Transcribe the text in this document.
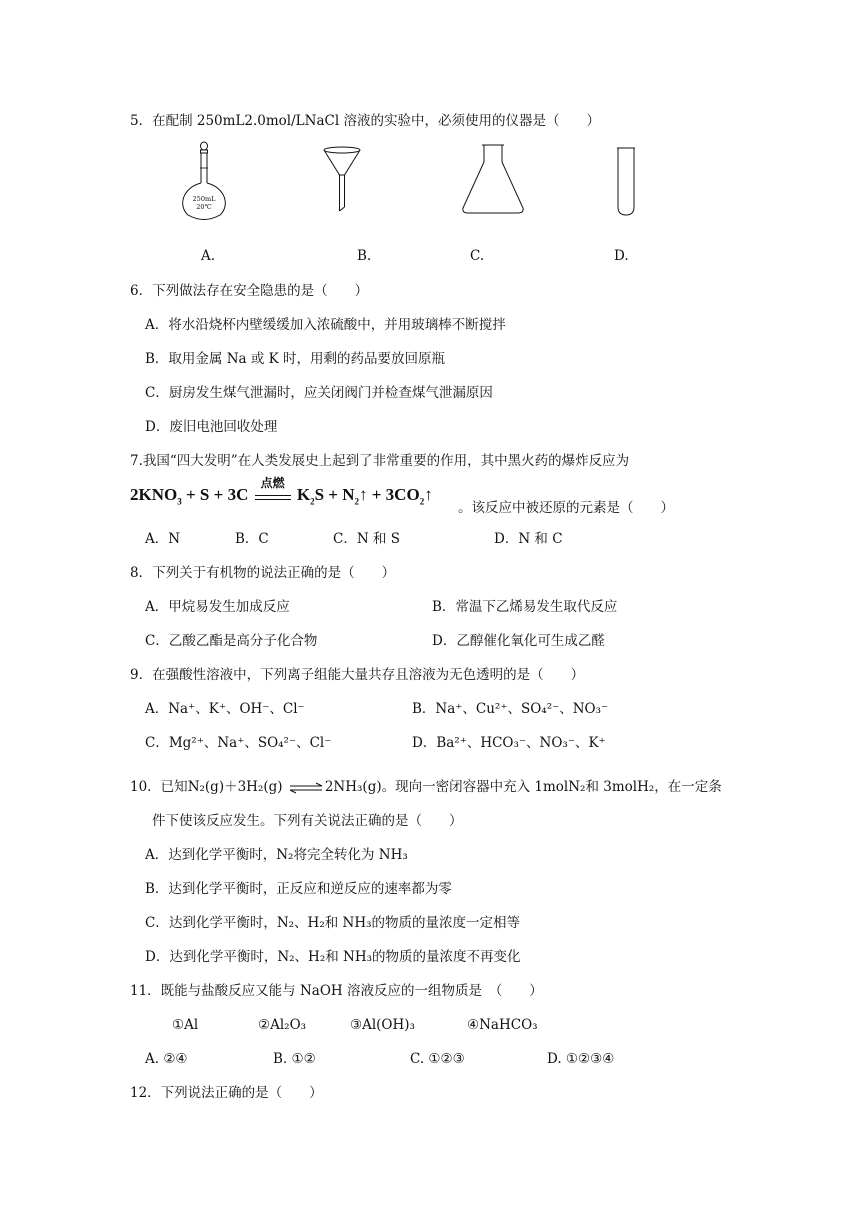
5．在配制 250mL2.0mol/LNaCl 溶液的实验中，必须使用的仪器是（　　）
250mL
20℃
A.	B.	C.	D.
6．下列做法存在安全隐患的是（　　）
A．将水沿烧杯内壁缓缓加入浓硫酸中，并用玻璃棒不断搅拌
B．取用金属 Na 或 K 时，用剩的药品要放回原瓶
C．厨房发生煤气泄漏时，应关闭阀门并检查煤气泄漏原因
D．废旧电池回收处理
7.我国“四大发明”在人类发展史上起到了非常重要的作用，其中黑火药的爆炸反应为
$2KNO_3 + S + 3C$
点燃
$K_2S$ + $N_2↑$ + $3CO_2↑$
。该反应中被还原的元素是（　　）
A．N	B．C	C．N 和 S	D．N 和 C
8．下列关于有机物的说法正确的是（　　）
A．甲烷易发生加成反应	B．常温下乙烯易发生取代反应
C．乙酸乙酯是高分子化合物	D．乙醇催化氧化可生成乙醛
9．在强酸性溶液中，下列离子组能大量共存且溶液为无色透明的是（　　）
A．Na⁺、K⁺、OH⁻、Cl⁻	B．Na⁺、Cu²⁺、SO₄²⁻、NO₃⁻
C．Mg²⁺、Na⁺、SO₄²⁻、Cl⁻	D．Ba²⁺、HCO₃⁻、NO₃⁻、K⁺
10．已知N₂(g)＋3H₂(g) ⇌ 2NH₃(g)。现向一密闭容器中充入 1molN₂和 3molH₂，在一定条
件下使该反应发生。下列有关说法正确的是（　　）
A．达到化学平衡时，N₂将完全转化为 NH₃
B．达到化学平衡时，正反应和逆反应的速率都为零
C．达到化学平衡时，N₂、H₂和 NH₃的物质的量浓度一定相等
D．达到化学平衡时，N₂、H₂和 NH₃的物质的量浓度不再变化
11．既能与盐酸反应又能与 NaOH 溶液反应的一组物质是　（　　）
①Al	②Al₂O₃	③Al(OH)₃	④NaHCO₃
A. ②④	B. ①②	C. ①②③	D. ①②③④
12．下列说法正确的是（　　）
